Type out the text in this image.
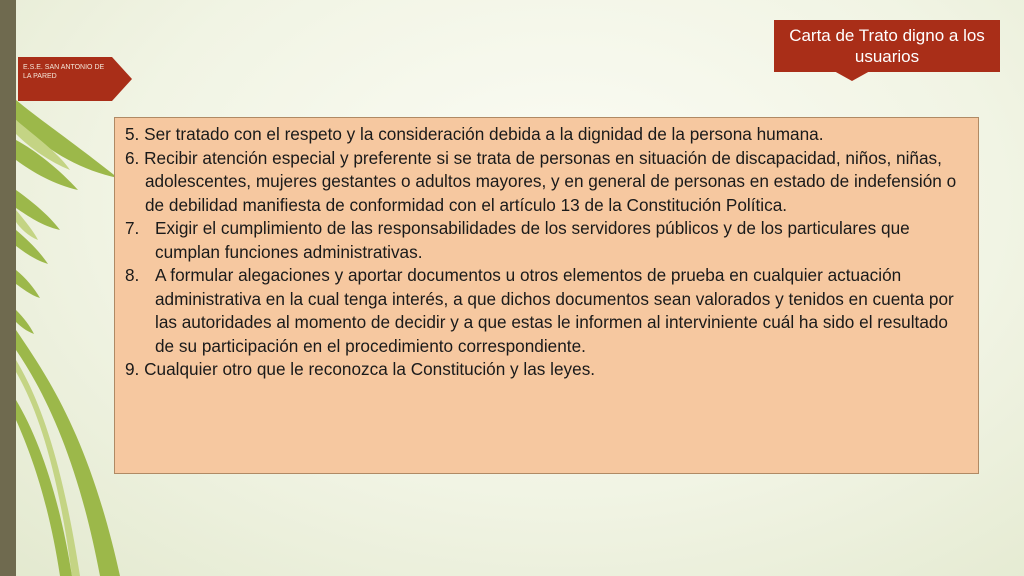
E.S.E. SAN ANTONIO DE LA PARED
Carta de Trato digno a los usuarios

5. Ser tratado con el respeto y la consideración debida a la dignidad de la persona humana.

6. Recibir atención especial y preferente si se trata de personas en situación de discapacidad, niños, niñas, adolescentes, mujeres gestantes o adultos mayores, y en general de personas en estado de indefensión o de debilidad manifiesta de conformidad con el artículo 13 de la Constitución Política.

7. Exigir el cumplimiento de las responsabilidades de los servidores públicos y de los particulares que cumplan funciones administrativas.

8. A formular alegaciones y aportar documentos u otros elementos de prueba en cualquier actuación administrativa en la cual tenga interés, a que dichos documentos sean valorados y tenidos en cuenta por las autoridades al momento de decidir y a que estas le informen al interviniente cuál ha sido el resultado de su participación en el procedimiento correspondiente.

9. Cualquier otro que le reconozca la Constitución y las leyes.
